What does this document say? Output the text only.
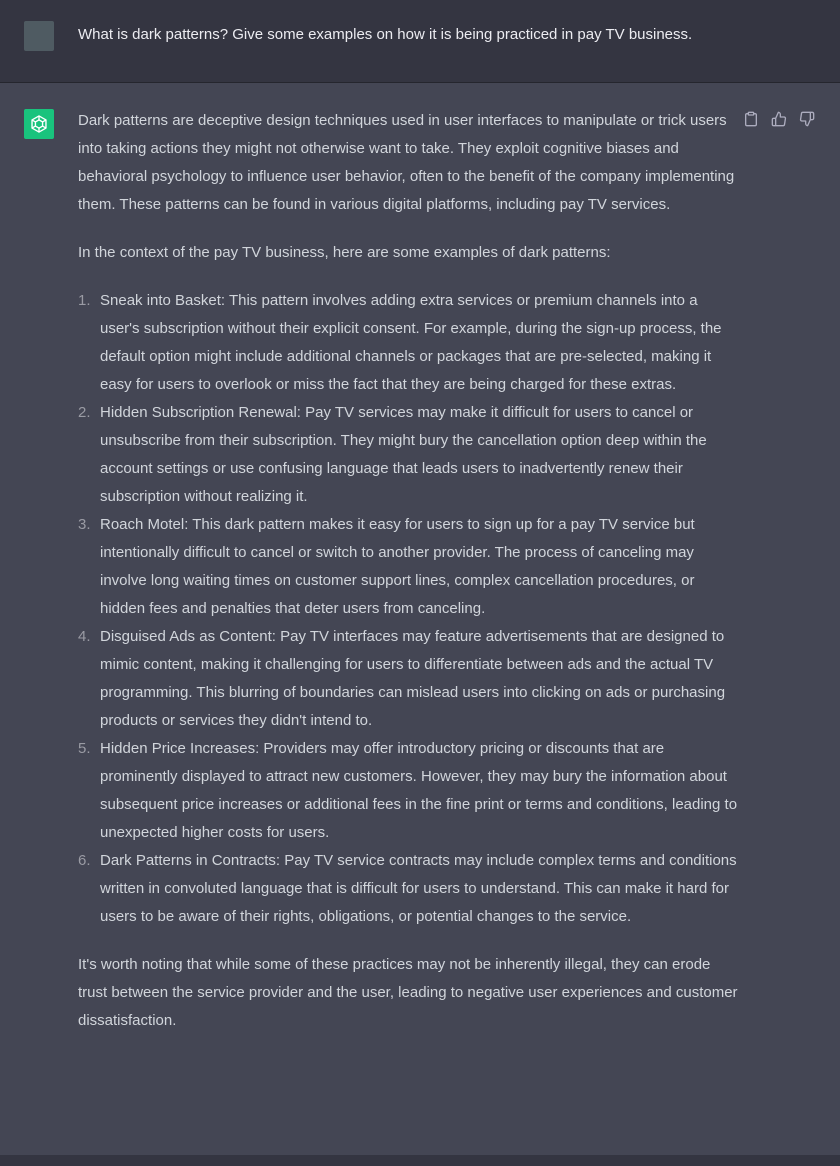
What is dark patterns? Give some examples on how it is being practiced in pay TV business.

Dark patterns are deceptive design techniques used in user interfaces to manipulate or trick users into taking actions they might not otherwise want to take. They exploit cognitive biases and behavioral psychology to influence user behavior, often to the benefit of the company implementing them. These patterns can be found in various digital platforms, including pay TV services.

In the context of the pay TV business, here are some examples of dark patterns:

1. Sneak into Basket: This pattern involves adding extra services or premium channels into a user's subscription without their explicit consent. For example, during the sign-up process, the default option might include additional channels or packages that are pre-selected, making it easy for users to overlook or miss the fact that they are being charged for these extras.
2. Hidden Subscription Renewal: Pay TV services may make it difficult for users to cancel or unsubscribe from their subscription. They might bury the cancellation option deep within the account settings or use confusing language that leads users to inadvertently renew their subscription without realizing it.
3. Roach Motel: This dark pattern makes it easy for users to sign up for a pay TV service but intentionally difficult to cancel or switch to another provider. The process of canceling may involve long waiting times on customer support lines, complex cancellation procedures, or hidden fees and penalties that deter users from canceling.
4. Disguised Ads as Content: Pay TV interfaces may feature advertisements that are designed to mimic content, making it challenging for users to differentiate between ads and the actual TV programming. This blurring of boundaries can mislead users into clicking on ads or purchasing products or services they didn't intend to.
5. Hidden Price Increases: Providers may offer introductory pricing or discounts that are prominently displayed to attract new customers. However, they may bury the information about subsequent price increases or additional fees in the fine print or terms and conditions, leading to unexpected higher costs for users.
6. Dark Patterns in Contracts: Pay TV service contracts may include complex terms and conditions written in convoluted language that is difficult for users to understand. This can make it hard for users to be aware of their rights, obligations, or potential changes to the service.

It's worth noting that while some of these practices may not be inherently illegal, they can erode trust between the service provider and the user, leading to negative user experiences and customer dissatisfaction.
